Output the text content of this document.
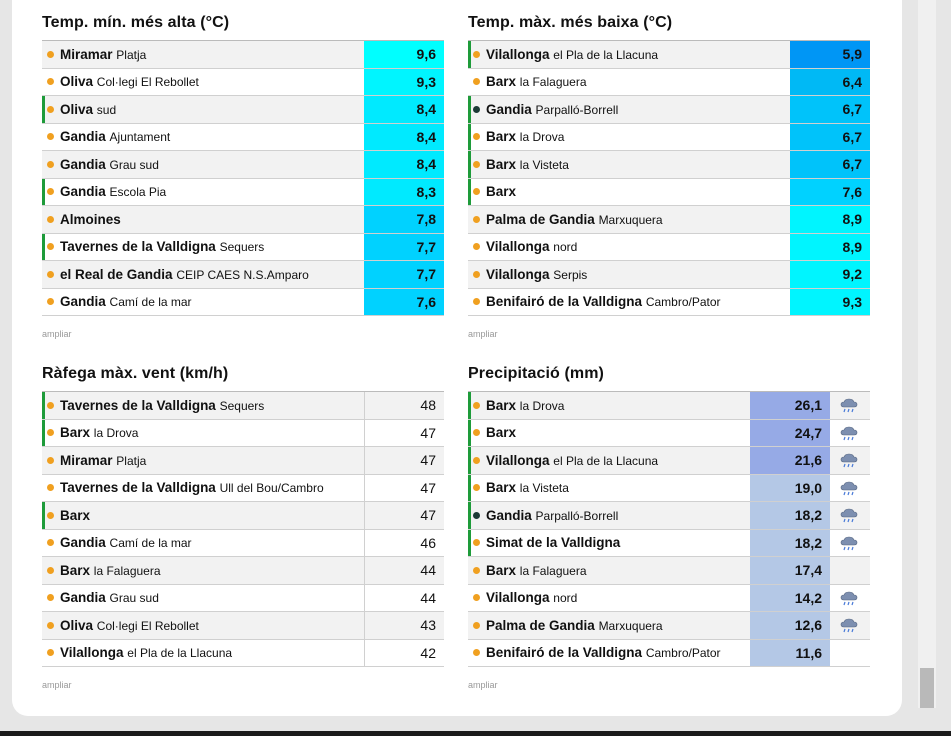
Temp. mín. més alta (°C)
Miramar Platja	9,6
Oliva Col·legi El Rebollet	9,3
Oliva sud	8,4
Gandia Ajuntament	8,4
Gandia Grau sud	8,4
Gandia Escola Pia	8,3
Almoines	7,8
Tavernes de la Valldigna Sequers	7,7
el Real de Gandia CEIP CAES N.S.Amparo	7,7
Gandia Camí de la mar	7,6
ampliar
Temp. màx. més baixa (°C)
Vilallonga el Pla de la Llacuna	5,9
Barx la Falaguera	6,4
Gandia Parpalló-Borrell	6,7
Barx la Drova	6,7
Barx la Visteta	6,7
Barx	7,6
Palma de Gandia Marxuquera	8,9
Vilallonga nord	8,9
Vilallonga Serpis	9,2
Benifairó de la Valldigna Cambro/Pator	9,3
ampliar
Ràfega màx. vent (km/h)
Tavernes de la Valldigna Sequers	48
Barx la Drova	47
Miramar Platja	47
Tavernes de la Valldigna Ull del Bou/Cambro	47
Barx	47
Gandia Camí de la mar	46
Barx la Falaguera	44
Gandia Grau sud	44
Oliva Col·legi El Rebollet	43
Vilallonga el Pla de la Llacuna	42
ampliar
Precipitació (mm)
Barx la Drova	26,1
Barx	24,7
Vilallonga el Pla de la Llacuna	21,6
Barx la Visteta	19,0
Gandia Parpalló-Borrell	18,2
Simat de la Valldigna	18,2
Barx la Falaguera	17,4
Vilallonga nord	14,2
Palma de Gandia Marxuquera	12,6
Benifairó de la Valldigna Cambro/Pator	11,6
ampliar
